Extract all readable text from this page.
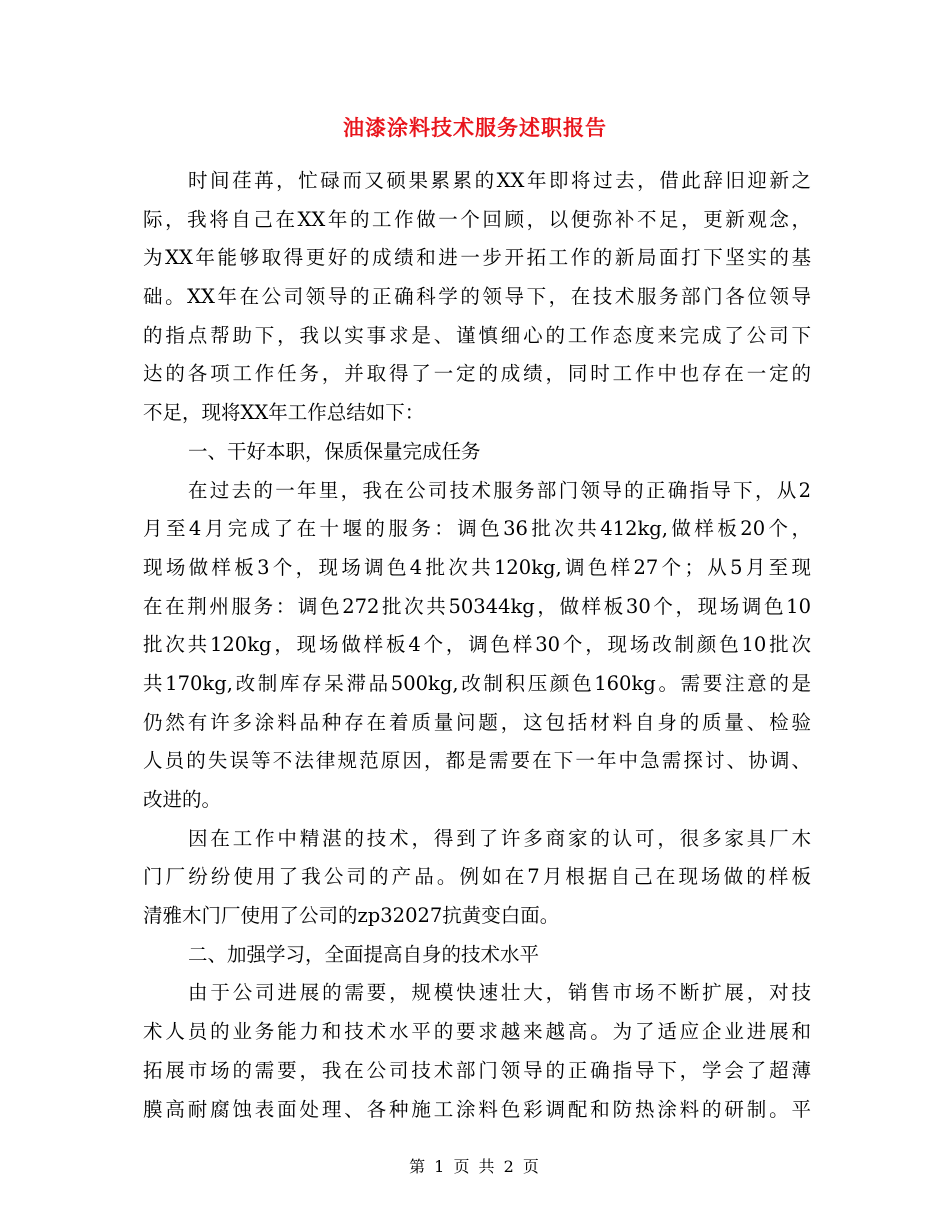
油漆涂料技术服务述职报告
时间荏苒，忙碌而又硕果累累的XX年即将过去，借此辞旧迎新之
际，我将自己在XX年的工作做一个回顾，以便弥补不足，更新观念，
为XX年能够取得更好的成绩和进一步开拓工作的新局面打下坚实的基
础。XX年在公司领导的正确科学的领导下，在技术服务部门各位领导
的指点帮助下，我以实事求是、谨慎细心的工作态度来完成了公司下
达的各项工作任务，并取得了一定的成绩，同时工作中也存在一定的
不足，现将XX年工作总结如下：
一、干好本职，保质保量完成任务
在过去的一年里，我在公司技术服务部门领导的正确指导下，从2
月至4月完成了在十堰的服务：调色36批次共412kg,做样板20个，
现场做样板3个，现场调色4批次共120kg,调色样27个；从5月至现
在在荆州服务：调色272批次共50344kg，做样板30个，现场调色10
批次共120kg，现场做样板4个，调色样30个，现场改制颜色10批次
共170kg,改制库存呆滞品500kg,改制积压颜色160kg。需要注意的是
仍然有许多涂料品种存在着质量问题，这包括材料自身的质量、检验
人员的失误等不法律规范原因，都是需要在下一年中急需探讨、协调、
改进的。
因在工作中精湛的技术，得到了许多商家的认可，很多家具厂木
门厂纷纷使用了我公司的产品。例如在7月根据自己在现场做的样板
清雅木门厂使用了公司的zp32027抗黄变白面。
二、加强学习，全面提高自身的技术水平
由于公司进展的需要，规模快速壮大，销售市场不断扩展，对技
术人员的业务能力和技术水平的要求越来越高。为了适应企业进展和
拓展市场的需要，我在公司技术部门领导的正确指导下，学会了超薄
膜高耐腐蚀表面处理、各种施工涂料色彩调配和防热涂料的研制。平
第 1 页 共 2 页
